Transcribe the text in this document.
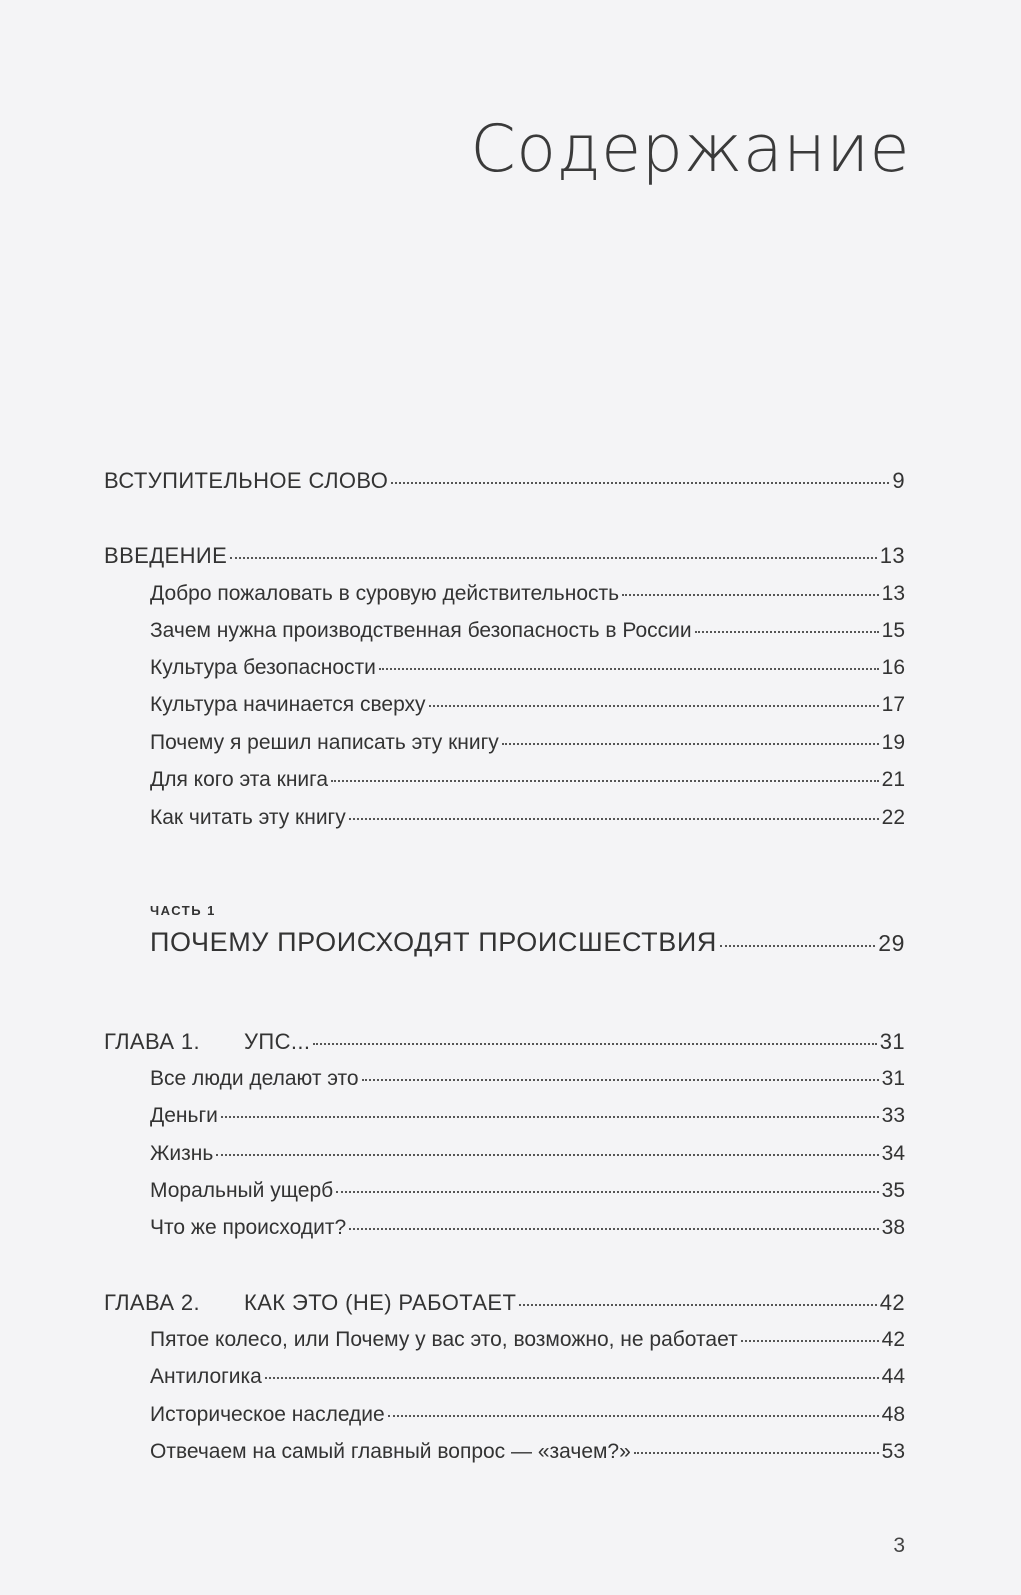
Содержание
ВСТУПИТЕЛЬНОЕ СЛОВО	9
ВВЕДЕНИЕ	13
Добро пожаловать в суровую действительность	13
Зачем нужна производственная безопасность в России	15
Культура безопасности	16
Культура начинается сверху	17
Почему я решил написать эту книгу	19
Для кого эта книга	21
Как читать эту книгу	22
ЧАСТЬ 1
ПОЧЕМУ ПРОИСХОДЯТ ПРОИСШЕСТВИЯ	29
ГЛАВА 1. УПС...	31
Все люди делают это	31
Деньги	33
Жизнь	34
Моральный ущерб	35
Что же происходит?	38
ГЛАВА 2. КАК ЭТО (НЕ) РАБОТАЕТ	42
Пятое колесо, или Почему у вас это, возможно, не работает	42
Антилогика	44
Историческое наследие	48
Отвечаем на самый главный вопрос — «зачем?»	53
3
